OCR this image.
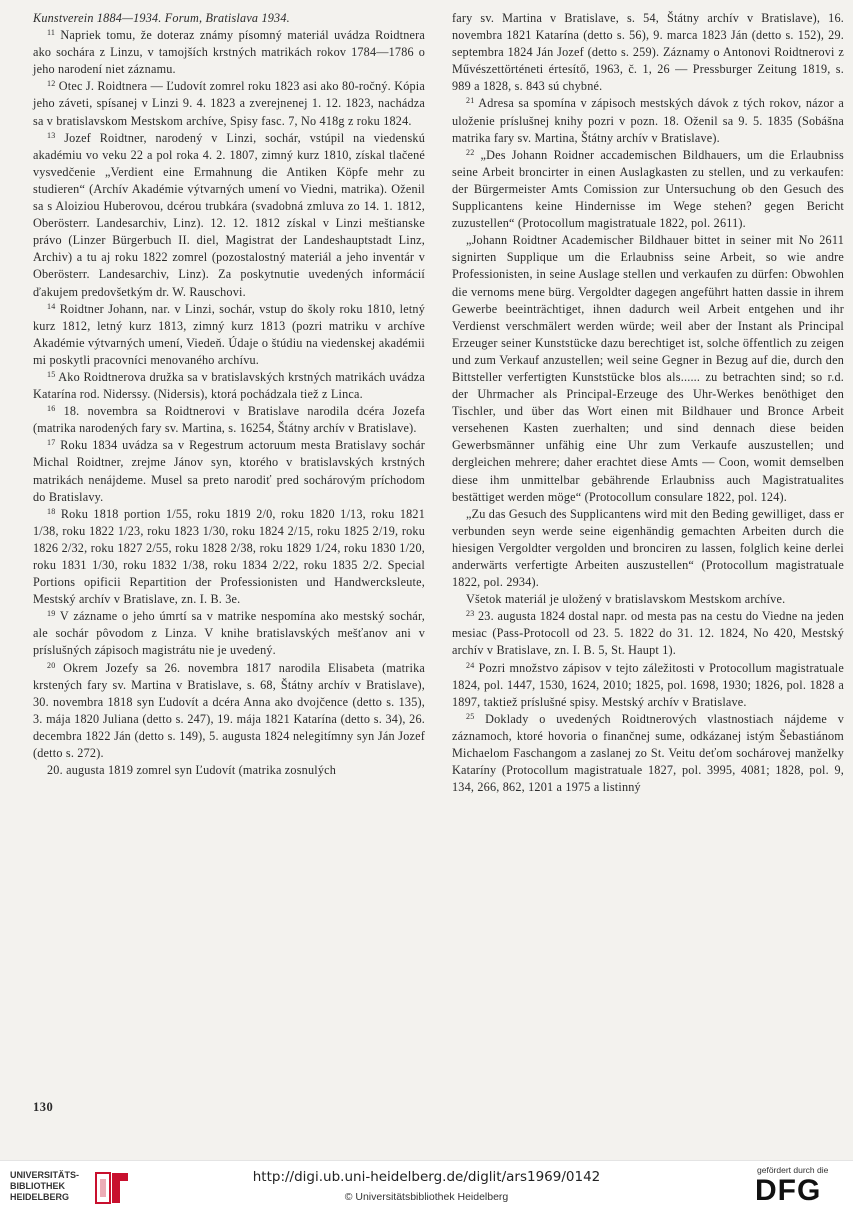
Kunstverein 1884—1934. Forum, Bratislava 1934.

$^{11}$ Napriek tomu, že doteraz známy písomný materiál uvádza Roidtnera ako sochára z Linzu, v tamojších krstných matrikách rokov 1784—1786 o jeho narodení niet záznamu.

$^{12}$ Otec J. Roidtnera — Ľudovít zomrel roku 1823 asi ako 80-ročný. Kópia jeho záveti, spísanej v Linzi 9. 4. 1823 a zverejnenej 1. 12. 1823, nachádza sa v bratislavskom Mestskom archíve, Spisy fasc. 7, No 418g z roku 1824.

$^{13}$ Jozef Roidtner, narodený v Linzi, sochár, vstúpil na viedenskú akadémiu vo veku 22 a pol roka 4. 2. 1807, zimný kurz 1810, získal tlačené vysvedčenie „Verdient eine Ermahnung die Antiken Köpfe mehr zu studieren“ (Archív Akadémie výtvarných umení vo Viedni, matrika). Oženil sa s Aloiziou Huberovou, dcérou trubkára (svadobná zmluva zo 14. 1. 1812, Oberösterr. Landesarchiv, Linz). 12. 12. 1812 získal v Linzi meštianske právo (Linzer Bürgerbuch II. diel, Magistrat der Landeshauptstadt Linz, Archiv) a tu aj roku 1822 zomrel (pozostalostný materiál a jeho inventár v Oberösterr. Landesarchiv, Linz). Za poskytnutie uvedených informácií ďakujem predovšetkým dr. W. Rauschovi.

$^{14}$ Roidtner Johann, nar. v Linzi, sochár, vstup do školy roku 1810, letný kurz 1812, letný kurz 1813, zimný kurz 1813 (pozri matriku v archíve Akadémie výtvarných umení, Viedeň. Údaje o štúdiu na viedenskej akadémii mi poskytli pracovníci menovaného archívu.

$^{15}$ Ako Roidtnerova družka sa v bratislavských krstných matrikách uvádza Katarína rod. Niderssy. (Nidersis), ktorá pochádzala tiež z Linca.

$^{16}$ 18. novembra sa Roidtnerovi v Bratislave narodila dcéra Jozefa (matrika narodených fary sv. Martina, s. 16254, Štátny archív v Bratislave).

$^{17}$ Roku 1834 uvádza sa v Regestrum actoruum mesta Bratislavy sochár Michal Roidtner, zrejme Jánov syn, ktorého v bratislavských krstných matrikách nenájdeme. Musel sa preto narodiť pred sochárovým príchodom do Bratislavy.

$^{18}$ Roku 1818 portion 1/55, roku 1819 2/0, roku 1820 1/13, roku 1821 1/38, roku 1822 1/23, roku 1823 1/30, roku 1824 2/15, roku 1825 2/19, roku 1826 2/32, roku 1827 2/55, roku 1828 2/38, roku 1829 1/24, roku 1830 1/20, roku 1831 1/30, roku 1832 1/38, roku 1834 2/22, roku 1835 2/2. Special Portions opificii Repartition der Professionisten und Handwercksleute, Mestský archív v Bratislave, zn. I. B. 3e.

$^{19}$ V zázname o jeho úmrtí sa v matrike nespomína ako mestský sochár, ale sochár pôvodom z Linza. V knihe bratislavských mešťanov ani v príslušných zápisoch magistrátu nie je uvedený.

$^{20}$ Okrem Jozefy sa 26. novembra 1817 narodila Elisabeta (matrika krstených fary sv. Martina v Bratislave, s. 68, Štátny archív v Bratislave), 30. novembra 1818 syn Ľudovít a dcéra Anna ako dvojčence (detto s. 135), 3. mája 1820 Juliana (detto s. 247), 19. mája 1821 Katarína (detto s. 34), 26. decembra 1822 Ján (detto s. 149), 5. augusta 1824 nelegitímny syn Ján Jozef (detto s. 272).

20. augusta 1819 zomrel syn Ľudovít (matrika zosnulých

fary sv. Martina v Bratislave, s. 54, Štátny archív v Bratislave), 16. novembra 1821 Katarína (detto s. 56), 9. marca 1823 Ján (detto s. 152), 29. septembra 1824 Ján Jozef (detto s. 259). Záznamy o Antonovi Roidtnerovi z Művészettörténeti értesítő, 1963, č. 1, 26 — Pressburger Zeitung 1819, s. 989 a 1828, s. 843 sú chybné.

$^{21}$ Adresa sa spomína v zápisoch mestských dávok z tých rokov, názor a uloženie príslušnej knihy pozri v pozn. 18. Oženil sa 9. 5. 1835 (Sobášna matrika fary sv. Martina, Štátny archív v Bratislave).

$^{22}$ „Des Johann Roidner accademischen Bildhauers, um die Erlaubniss seine Arbeit broncirter in einen Auslagkasten zu stellen, und zu verkaufen: der Bürgermeister Amts Comission zur Untersuchung ob den Gesuch des Supplicantens keine Hindernisse im Wege stehen? gegen Bericht zuzustellen“ (Protocollum magistratuale 1822, pol. 2611).

„Johann Roidtner Academischer Bildhauer bittet in seiner mit No 2611 signirten Supplique um die Erlaubniss seine Arbeit, so wie andre Professionisten, in seine Auslage stellen und verkaufen zu dürfen: Obwohlen die vernoms mene bürg. Vergoldter dagegen angeführt hatten dassie in ihrem Gewerbe beeinträchtiget, ihnen dadurch weil Arbeit entgehen und ihr Verdienst verschmälert werden würde; weil aber der Instant als Principal Erzeuger seiner Kunststücke dazu berechtiget ist, solche öffentlich zu zeigen und zum Verkauf anzustellen; weil seine Gegner in Bezug auf die, durch den Bittsteller verfertigten Kunststücke blos als...... zu betrachten sind; so r.d. der Uhrmacher als Principal-Erzeuge des Uhr-Werkes benöthiget den Tischler, und über das Wort einen mit Bildhauer und Bronce Arbeit versehenen Kasten zuerhalten; und sind dennach diese beiden Gewerbsmänner unfähig eine Uhr zum Verkaufe auszustellen; und dergleichen mehrere; daher erachtet diese Amts — Coon, womit demselben diese ihm unmittelbar gebährende Erlaubniss auch Magistratualites bestättiget werden möge“ (Protocollum consulare 1822, pol. 124).

„Zu das Gesuch des Supplicantens wird mit den Beding gewilliget, dass er verbunden seyn werde seine eigenhändig gemachten Arbeiten durch die hiesigen Vergoldter vergolden und bronciren zu lassen, folglich keine derlei anderwärts verfertigte Arbeiten auszustellen“ (Protocollum magistratuale 1822, pol. 2934).

Všetok materiál je uložený v bratislavskom Mestskom archíve.

$^{23}$ 23. augusta 1824 dostal napr. od mesta pas na cestu do Viedne na jeden mesiac (Pass-Protocoll od 23. 5. 1822 do 31. 12. 1824, No 420, Mestský archív v Bratislave, zn. I. B. 5, St. Haupt 1).

$^{24}$ Pozri množstvo zápisov v tejto záležitosti v Protocollum magistratuale 1824, pol. 1447, 1530, 1624, 2010; 1825, pol. 1698, 1930; 1826, pol. 1828 a 1897, taktiež príslušné spisy. Mestský archív v Bratislave.

$^{25}$ Doklady o uvedených Roidtnerových vlastnostiach nájdeme v záznamoch, ktoré hovoria o finančnej sume, odkázanej istým Šebastiánom Michaelom Faschangom a zaslanej zo St. Veitu deťom sochárovej manželky Kataríny (Protocollum magistratuale 1827, pol. 3995, 4081; 1828, pol. 9, 134, 266, 862, 1201 a 1975 a listinný

130
UNIVERSITÄTS-
BIBLIOTHEK
HEIDELBERG
http://digi.ub.uni-heidelberg.de/diglit/ars1969/0142
© Universitätsbibliothek Heidelberg
gefördert durch die
DFG
